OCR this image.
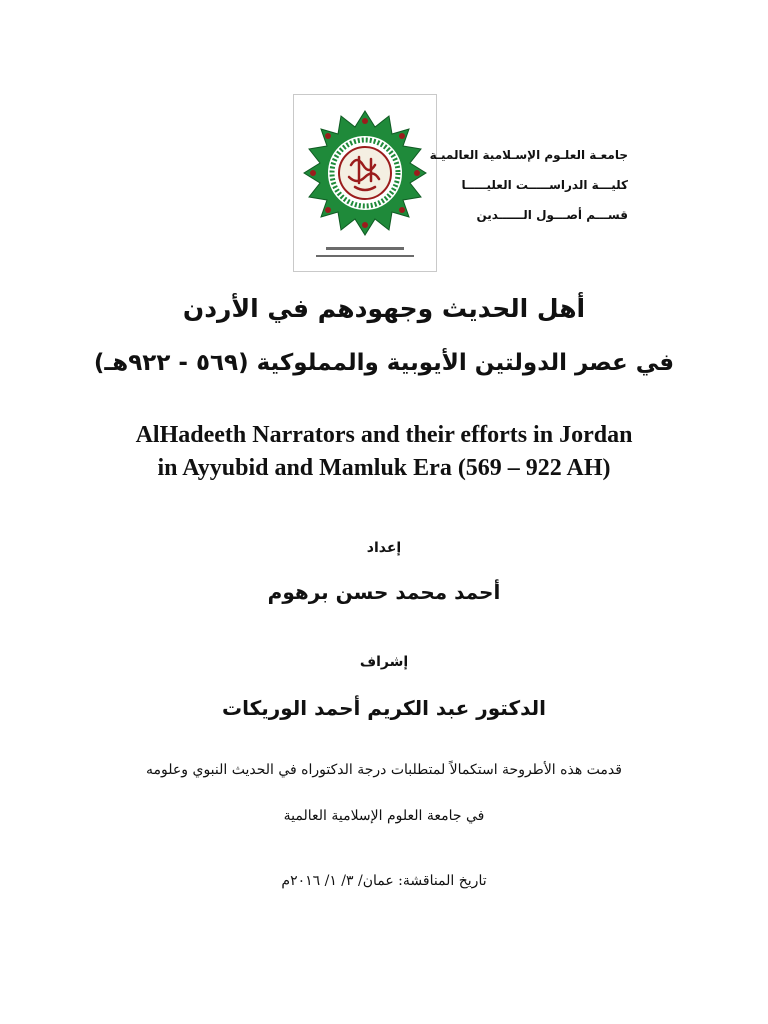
جامعـة العلـوم الإسـلامية العالميـة
كليـــة الدراســـــت العليـــــا
قســـم أصـــول الــــــدين
أهل الحديث وجهودهم في الأردن
في عصر الدولتين الأيوبية والمملوكية (٥٦٩ - ٩٢٢هـ)
AlHadeeth Narrators and their efforts in Jordan
in Ayyubid and Mamluk Era (569 – 922 AH)
إعداد
أحمد محمد حسن برهوم
إشراف
الدكتور عبد الكريم أحمد الوريكات
قدمت هذه الأطروحة استكمالاً لمتطلبات درجة الدكتوراه في الحديث النبوي وعلومه
في جامعة العلوم الإسلامية العالمية
تاريخ المناقشة: عمان/ ٣/ ١/ ٢٠١٦م
